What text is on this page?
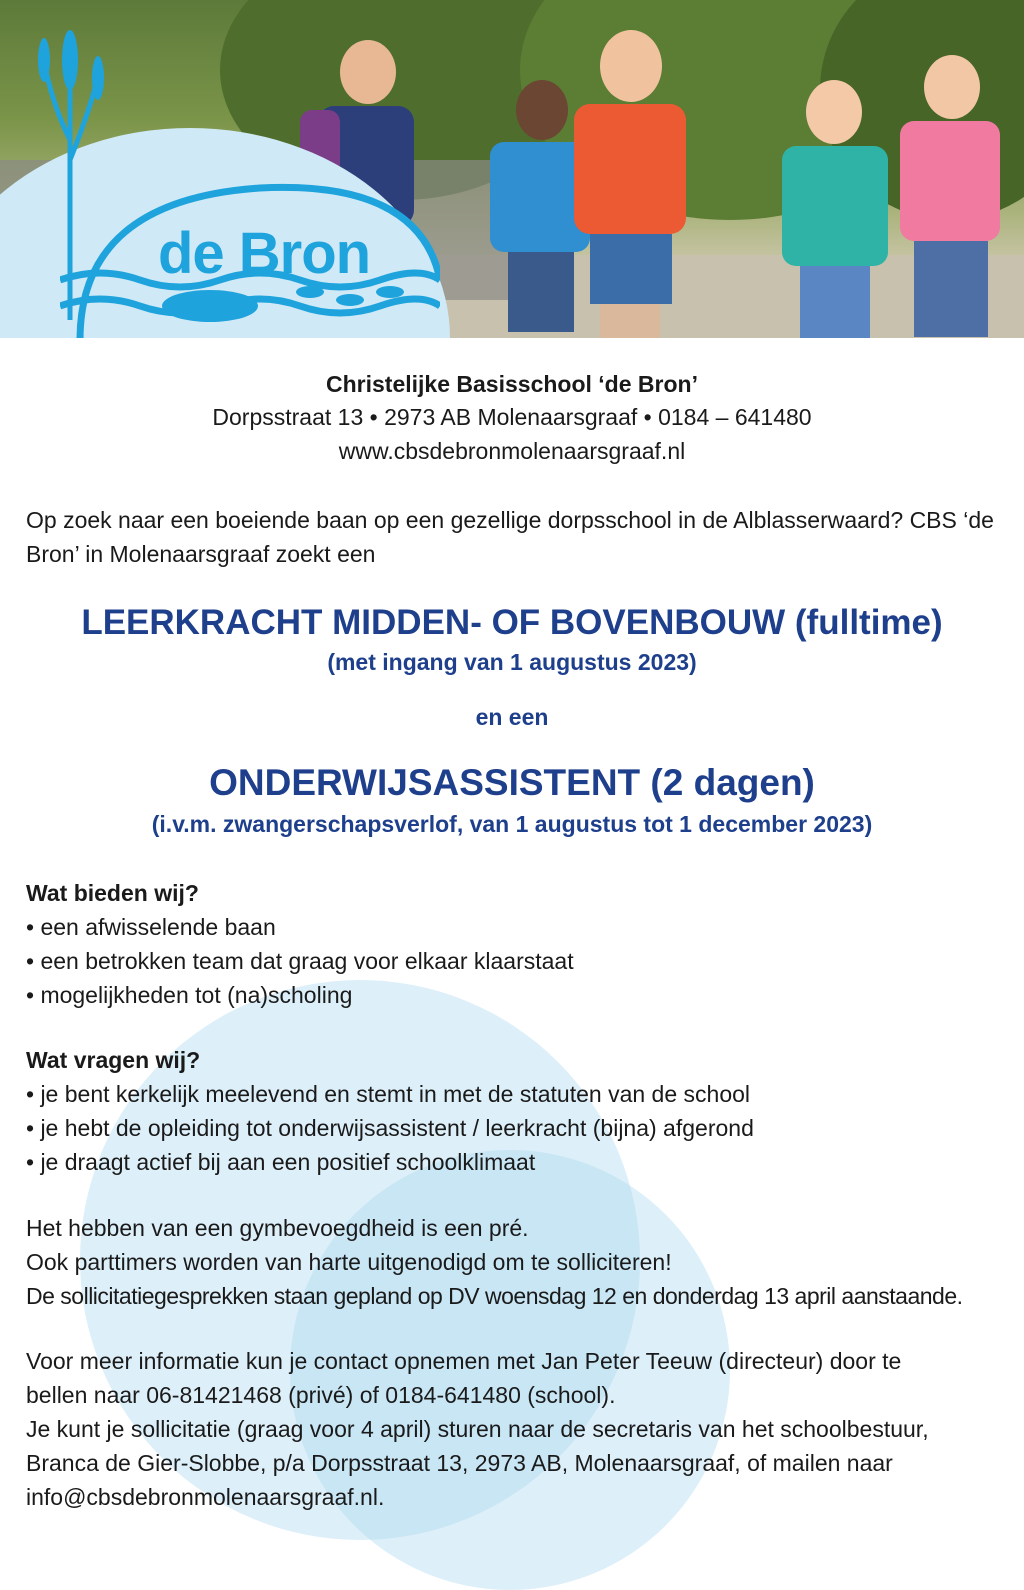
de Bron

Christelijke Basisschool ‘de Bron’

Dorpsstraat 13 • 2973 AB Molenaarsgraaf • 0184 – 641480

www.cbsdebronmolenaarsgraaf.nl

Op zoek naar een boeiende baan op een gezellige dorpsschool in de Alblasserwaard? CBS ‘de Bron’ in Molenaarsgraaf zoekt een

LEERKRACHT MIDDEN- OF BOVENBOUW (fulltime)

(met ingang van 1 augustus 2023)

en een

ONDERWIJSASSISTENT (2 dagen)

(i.v.m. zwangerschapsverlof, van 1 augustus tot 1 december 2023)

Wat bieden wij?

• een afwisselende baan

• een betrokken team dat graag voor elkaar klaarstaat

• mogelijkheden tot (na)scholing

Wat vragen wij?

• je bent kerkelijk meelevend en stemt in met de statuten van de school

• je hebt de opleiding tot onderwijsassistent / leerkracht (bijna) afgerond

• je draagt actief bij aan een positief schoolklimaat

Het hebben van een gymbevoegdheid is een pré.

Ook parttimers worden van harte uitgenodigd om te solliciteren!

De sollicitatiegesprekken staan gepland op DV woensdag 12 en donderdag 13 april aanstaande.

Voor meer informatie kun je contact opnemen met Jan Peter Teeuw (directeur) door te

bellen naar 06-81421468 (privé) of 0184-641480 (school).

Je kunt je sollicitatie (graag voor 4 april) sturen naar de secretaris van het schoolbestuur,

Branca de Gier-Slobbe, p/a Dorpsstraat 13, 2973 AB, Molenaarsgraaf, of mailen naar

info@cbsdebronmolenaarsgraaf.nl.
